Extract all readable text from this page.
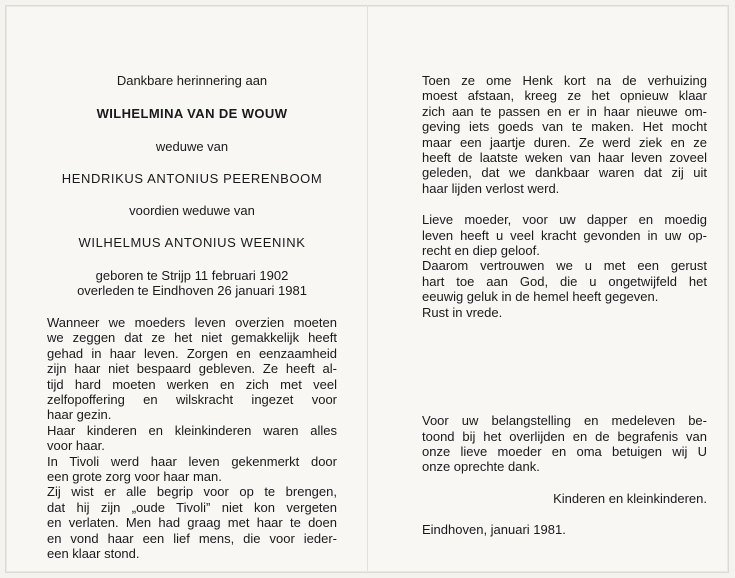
Dankbare herinnering aan
WILHELMINA VAN DE WOUW
weduwe van
HENDRIKUS ANTONIUS PEERENBOOM
voordien weduwe van
WILHELMUS ANTONIUS WEENINK
geboren te Strijp 11 februari 1902
overleden te Eindhoven 26 januari 1981
Wanneer we moeders leven overzien moeten
we zeggen dat ze het niet gemakkelijk heeft
gehad in haar leven. Zorgen en eenzaamheid
zijn haar niet bespaard gebleven. Ze heeft al-
tijd hard moeten werken en zich met veel
zelfopoffering en wilskracht ingezet voor
haar gezin.
Haar kinderen en kleinkinderen waren alles
voor haar.
In Tivoli werd haar leven gekenmerkt door
een grote zorg voor haar man.
Zij wist er alle begrip voor op te brengen,
dat hij zijn „oude Tivoli” niet kon vergeten
en verlaten. Men had graag met haar te doen
en vond haar een lief mens, die voor ieder-
een klaar stond.
Toen ze ome Henk kort na de verhuizing
moest afstaan, kreeg ze het opnieuw klaar
zich aan te passen en er in haar nieuwe om-
geving iets goeds van te maken. Het mocht
maar een jaartje duren. Ze werd ziek en ze
heeft de laatste weken van haar leven zoveel
geleden, dat we dankbaar waren dat zij uit
haar lijden verlost werd.
Lieve moeder, voor uw dapper en moedig
leven heeft u veel kracht gevonden in uw op-
recht en diep geloof.
Daarom vertrouwen we u met een gerust
hart toe aan God, die u ongetwijfeld het
eeuwig geluk in de hemel heeft gegeven.
Rust in vrede.
Voor uw belangstelling en medeleven be-
toond bij het overlijden en de begrafenis van
onze lieve moeder en oma betuigen wij U
onze oprechte dank.
Kinderen en kleinkinderen.
Eindhoven, januari 1981.
